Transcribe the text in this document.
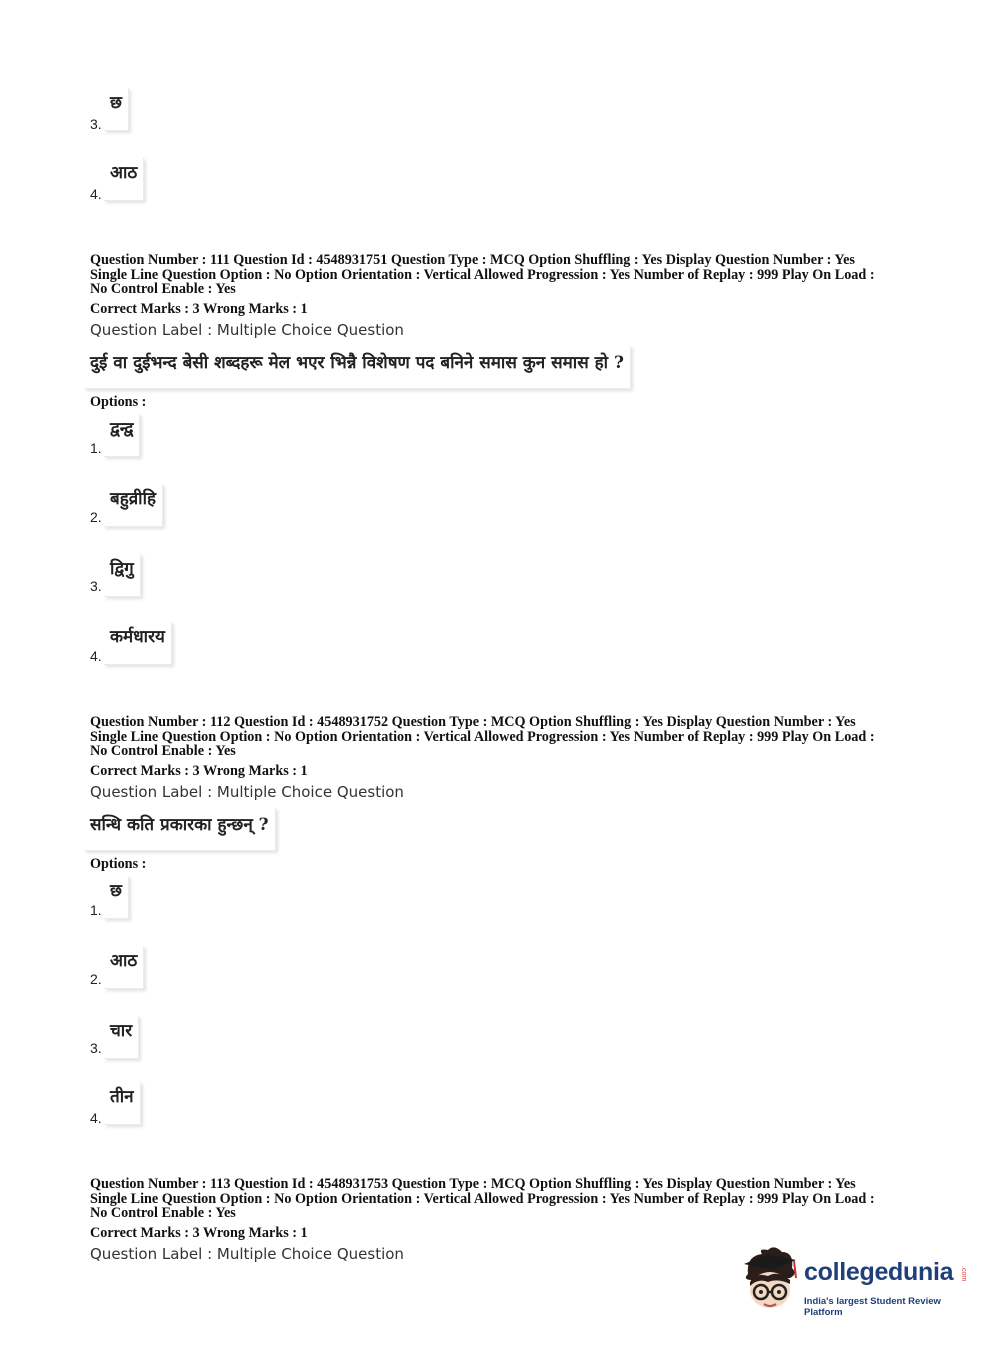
छ
3.
आठ
4.
Question Number : 111 Question Id : 4548931751 Question Type : MCQ Option Shuffling : Yes Display Question Number : Yes
Single Line Question Option : No Option Orientation : Vertical Allowed Progression : Yes Number of Replay : 999 Play On Load :
No Control Enable : Yes
Correct Marks : 3 Wrong Marks : 1
Question Label : Multiple Choice Question
दुई वा दुईभन्द बेसी शब्दहरू मेल भएर भिन्नै विशेषण पद बनिने समास कुन समास हो ?
Options :
द्वन्द्व
1.
बहुव्रीहि
2.
द्विगु
3.
कर्मधारय
4.
Question Number : 112 Question Id : 4548931752 Question Type : MCQ Option Shuffling : Yes Display Question Number : Yes
Single Line Question Option : No Option Orientation : Vertical Allowed Progression : Yes Number of Replay : 999 Play On Load :
No Control Enable : Yes
Correct Marks : 3 Wrong Marks : 1
Question Label : Multiple Choice Question
सन्धि कति प्रकारका हुन्छन् ?
Options :
छ
1.
आठ
2.
चार
3.
तीन
4.
Question Number : 113 Question Id : 4548931753 Question Type : MCQ Option Shuffling : Yes Display Question Number : Yes
Single Line Question Option : No Option Orientation : Vertical Allowed Progression : Yes Number of Replay : 999 Play On Load :
No Control Enable : Yes
Correct Marks : 3 Wrong Marks : 1
Question Label : Multiple Choice Question
collegedunia .com
India's largest Student Review Platform
